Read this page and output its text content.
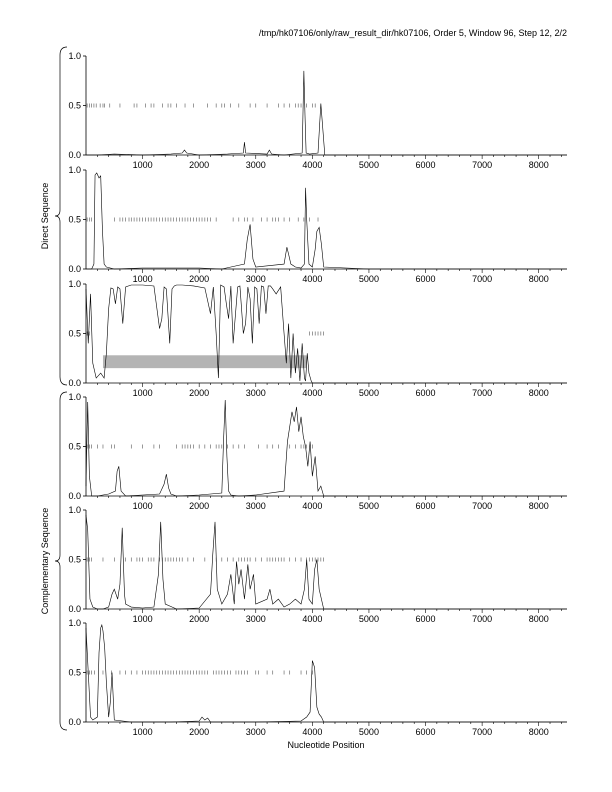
/tmp/hk07106/only/raw_result_dir/hk07106, Order 5, Window 96, Step 12, 2/2
Nucleotide Position
Direct Sequence
Complementary Sequence
0.0
0.5
1.0
1000	2000	3000	4000	5000	6000	7000	8000
0.0
0.5
1.0
1000	2000	3000	4000	5000	6000	7000	8000
0.0
0.5
1.0
1000	2000	3000	4000	5000	6000	7000	8000
0.0
0.5
1.0
1000	2000	3000	4000	5000	6000	7000	8000
0.0
0.5
1.0
1000	2000	3000	4000	5000	6000	7000	8000
0.0
0.5
1.0
1000	2000	3000	4000	5000	6000	7000	8000
